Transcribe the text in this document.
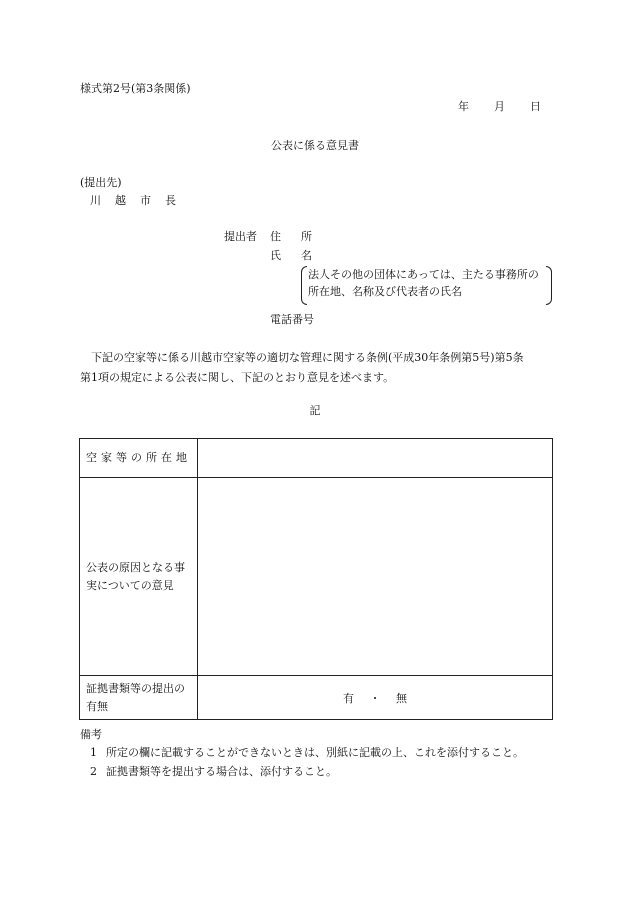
様式第2号(第3条関係)
年 月 日
公表に係る意見書
(提出先)
川越市長
提出者 住 所
氏 名
法人その他の団体にあっては、主たる事務所の
所在地、名称及び代表者の氏名
電話番号
　下記の空家等に係る川越市空家等の適切な管理に関する条例(平成30年条例第5号)第5条
第1項の規定による公表に関し、下記のとおり意見を述べます。
記
空家等の所在地	
公表の原因となる事実についての意見	
証拠書類等の提出の有無	有 ・ 無
備考
1 所定の欄に記載することができないときは、別紙に記載の上、これを添付すること。
2 証拠書類等を提出する場合は、添付すること。
